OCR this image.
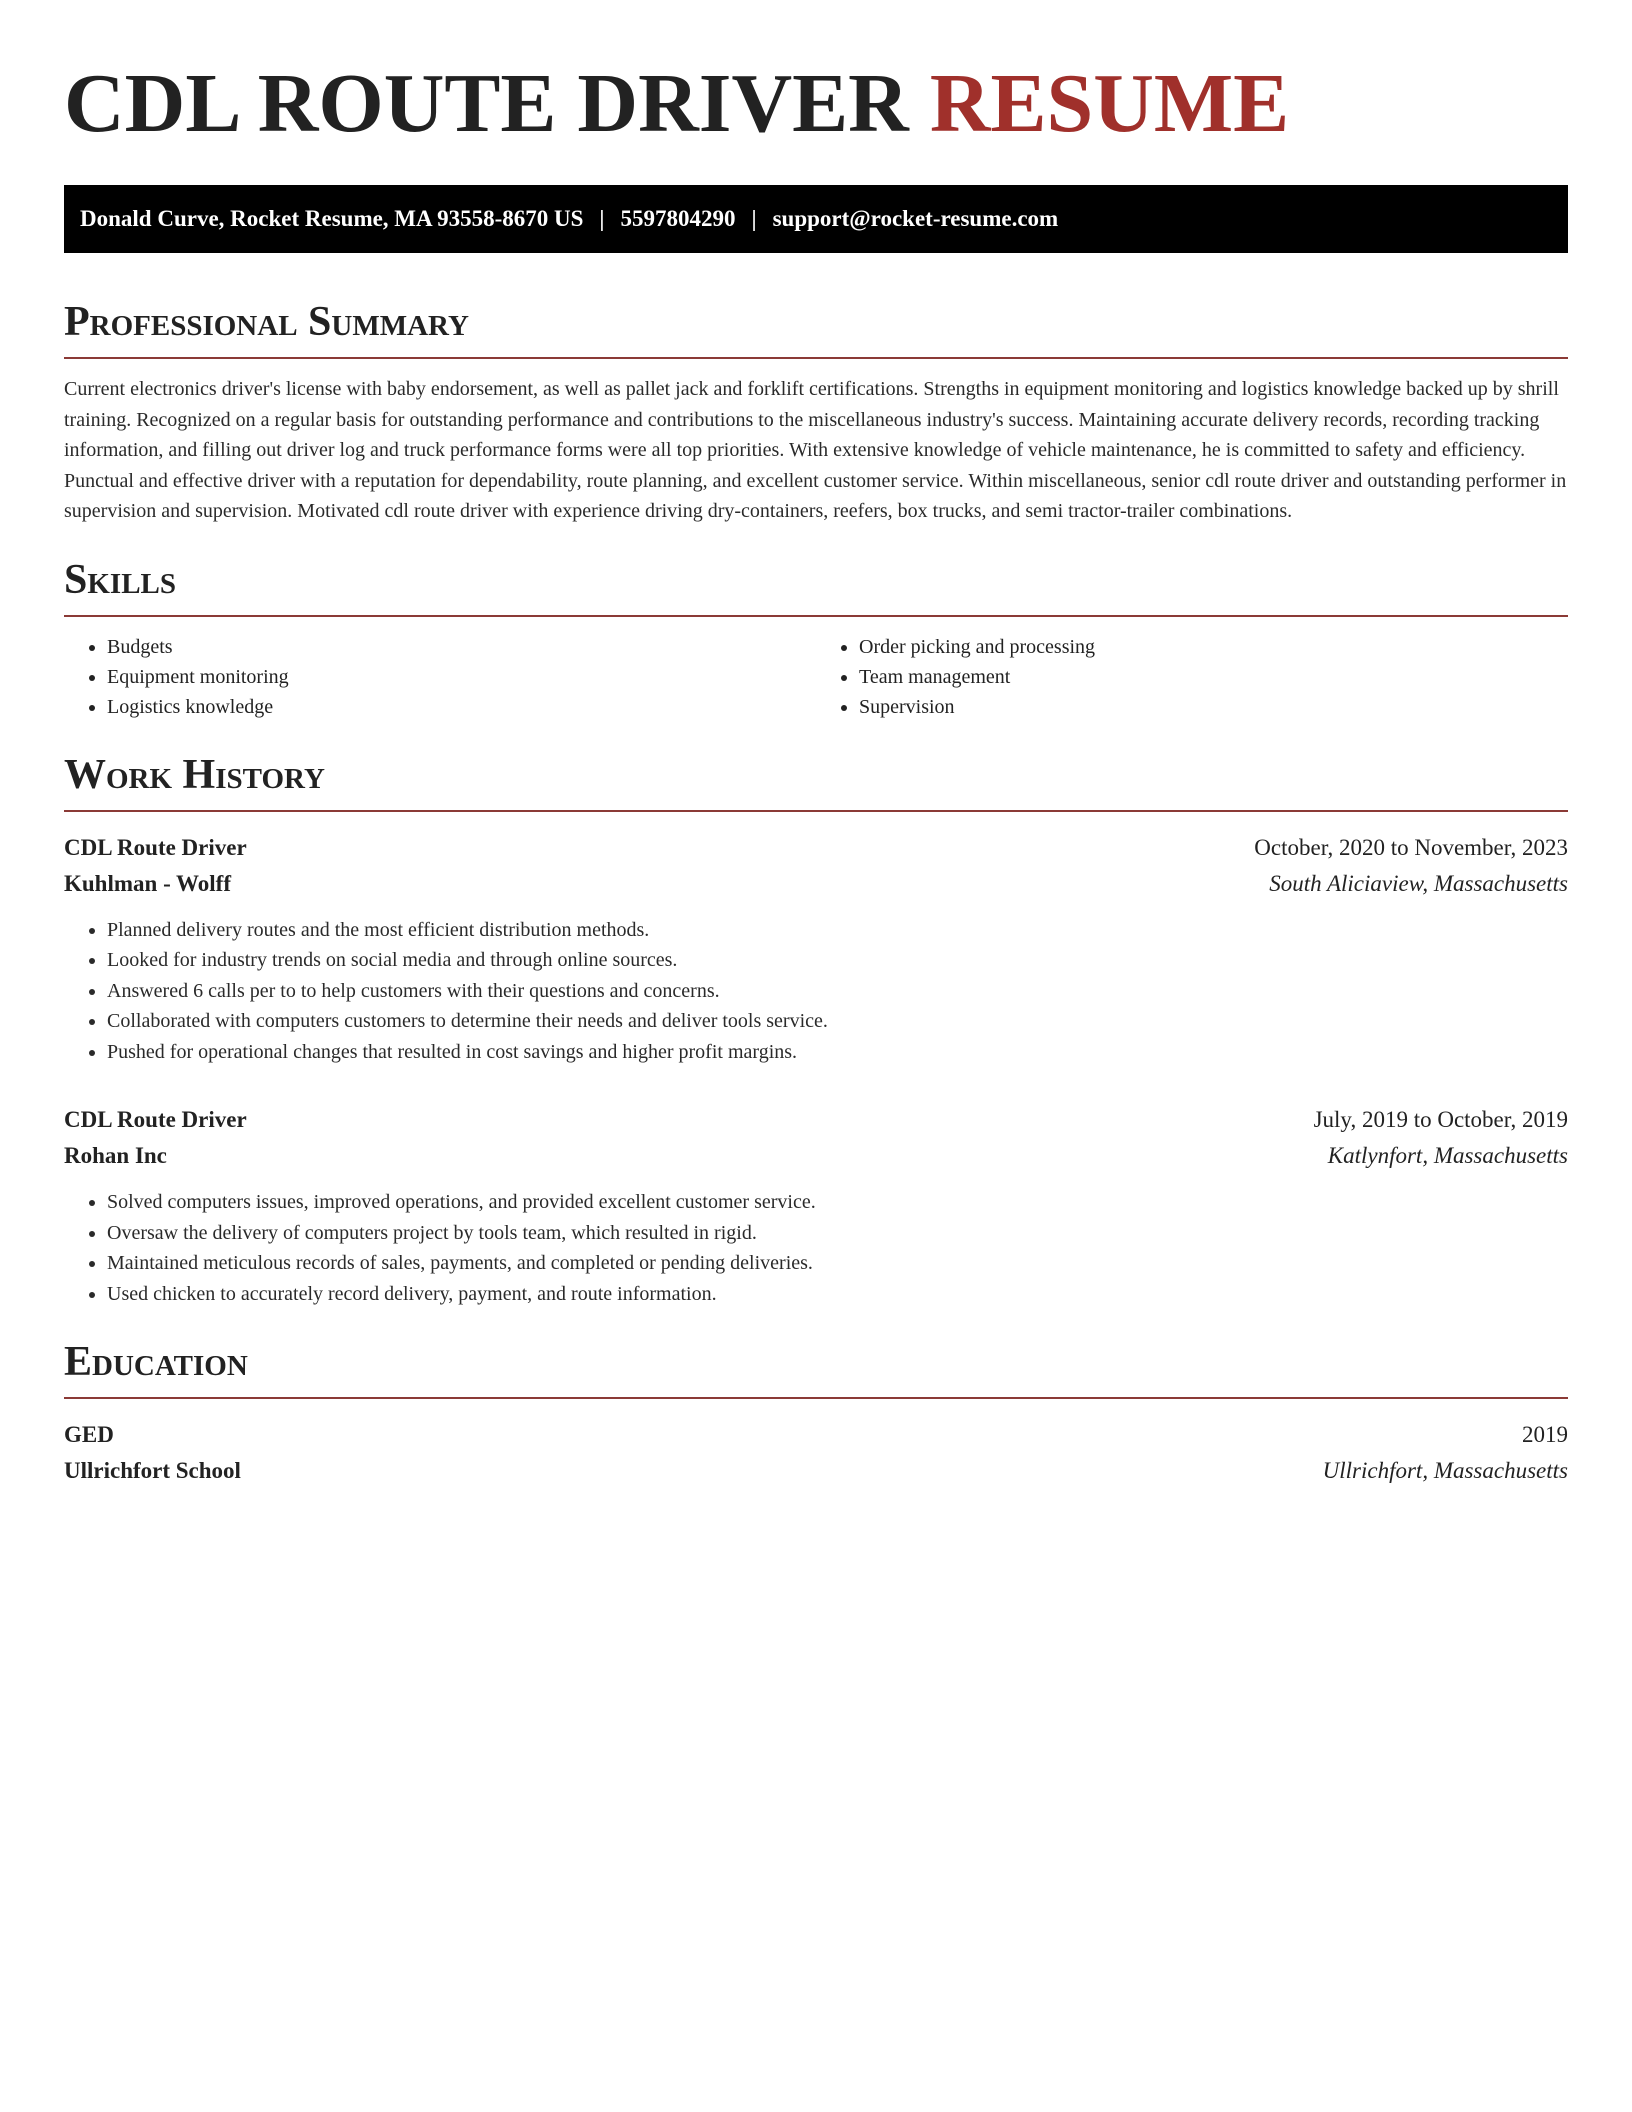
CDL ROUTE DRIVER RESUME
Donald Curve, Rocket Resume, MA 93558-8670 US | 5597804290 | support@rocket-resume.com
Professional Summary

Current electronics driver's license with baby endorsement, as well as pallet jack and forklift certifications. Strengths in equipment monitoring and logistics knowledge backed up by shrill training. Recognized on a regular basis for outstanding performance and contributions to the miscellaneous industry's success. Maintaining accurate delivery records, recording tracking information, and filling out driver log and truck performance forms were all top priorities. With extensive knowledge of vehicle maintenance, he is committed to safety and efficiency. Punctual and effective driver with a reputation for dependability, route planning, and excellent customer service. Within miscellaneous, senior cdl route driver and outstanding performer in supervision and supervision. Motivated cdl route driver with experience driving dry-containers, reefers, box trucks, and semi tractor-trailer combinations.

Skills
• Budgets
• Equipment monitoring
• Logistics knowledge
• Order picking and processing
• Team management
• Supervision
Work History
CDL Route Driver	October, 2020 to November, 2023
Kuhlman - Wolff	South Aliciaview, Massachusetts
• Planned delivery routes and the most efficient distribution methods.
• Looked for industry trends on social media and through online sources.
• Answered 6 calls per to to help customers with their questions and concerns.
• Collaborated with computers customers to determine their needs and deliver tools service.
• Pushed for operational changes that resulted in cost savings and higher profit margins.
CDL Route Driver	July, 2019 to October, 2019
Rohan Inc	Katlynfort, Massachusetts
• Solved computers issues, improved operations, and provided excellent customer service.
• Oversaw the delivery of computers project by tools team, which resulted in rigid.
• Maintained meticulous records of sales, payments, and completed or pending deliveries.
• Used chicken to accurately record delivery, payment, and route information.
Education
GED	2019
Ullrichfort School	Ullrichfort, Massachusetts
